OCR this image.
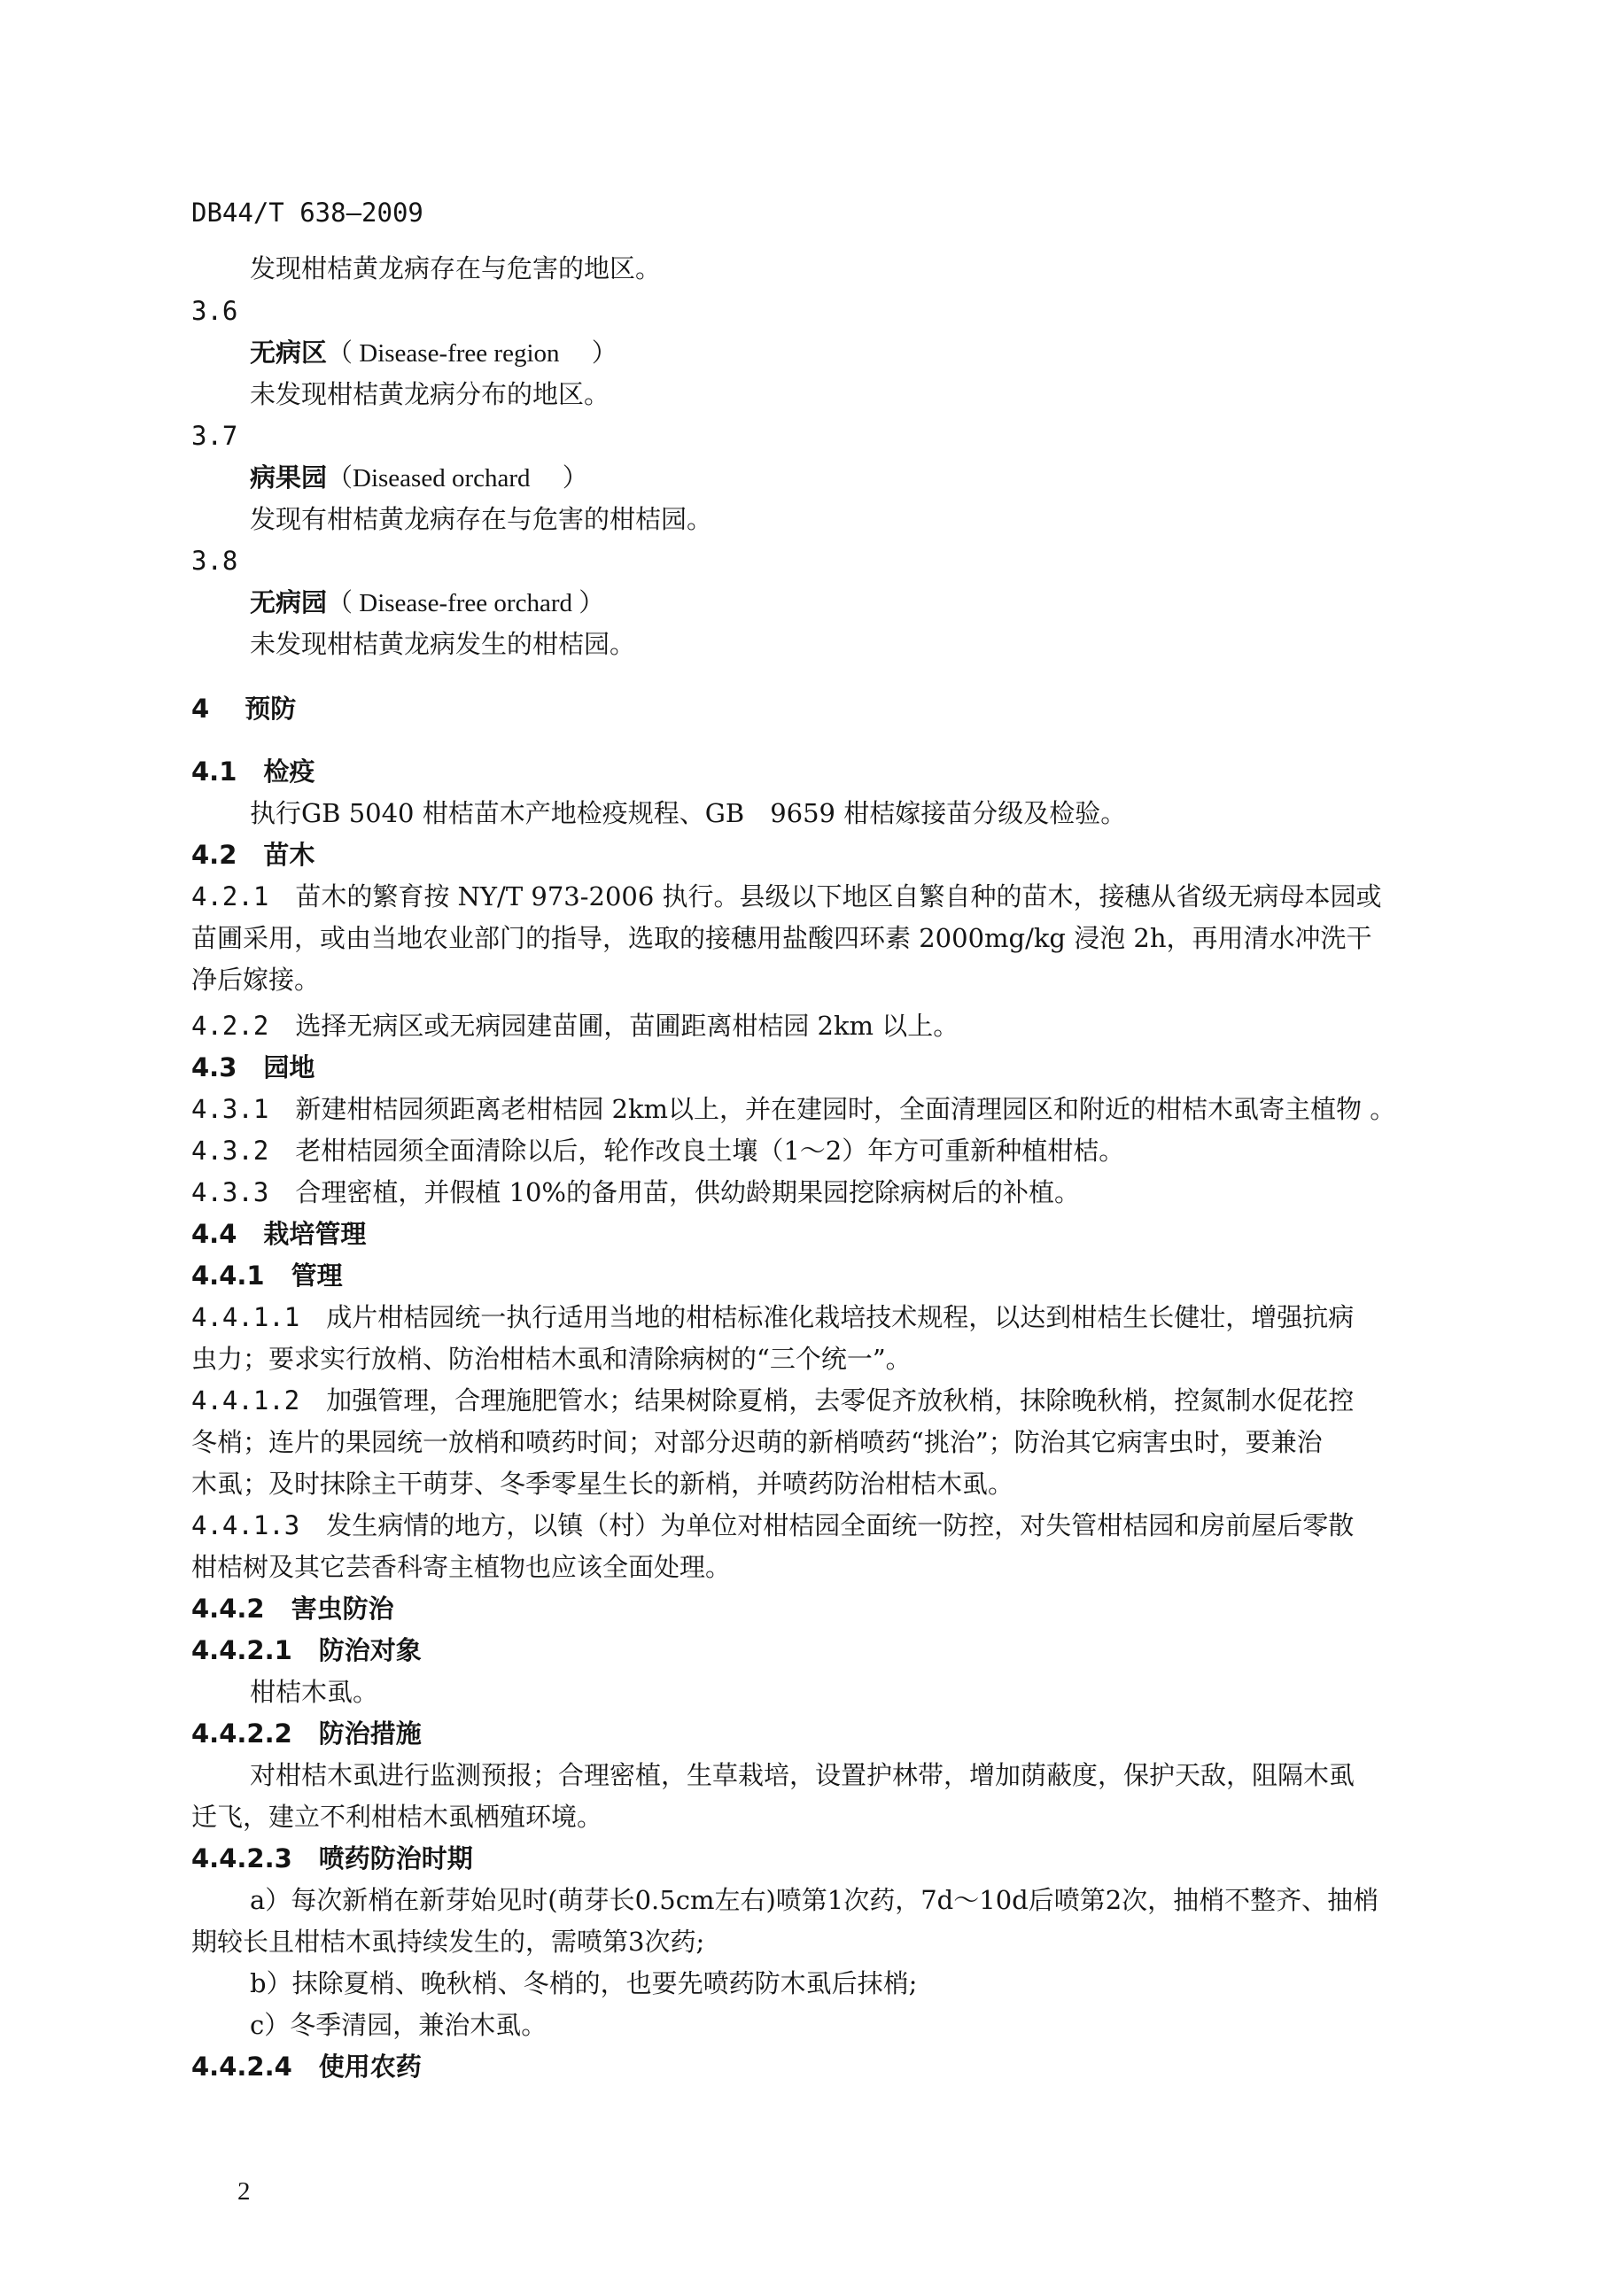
DB44/T 638—2009
发现柑桔黄龙病存在与危害的地区。
3.6
无病区（ Disease-free region　 ）
未发现柑桔黄龙病分布的地区。
3.7
病果园（Diseased orchard　 ）
发现有柑桔黄龙病存在与危害的柑桔园。
3.8
无病园（ Disease-free orchard ）
未发现柑桔黄龙病发生的柑桔园。
4 预防
4.1 检疫
执行GB 5040 柑桔苗木产地检疫规程、GB　9659 柑桔嫁接苗分级及检验。
4.2 苗木
4.2.1 苗木的繁育按 NY/T 973-2006 执行。县级以下地区自繁自种的苗木，接穗从省级无病母本园或
苗圃采用，或由当地农业部门的指导，选取的接穗用盐酸四环素 2000mg/kg 浸泡 2h，再用清水冲洗干
净后嫁接。
4.2.2 选择无病区或无病园建苗圃，苗圃距离柑桔园 2km 以上。
4.3 园地
4.3.1 新建柑桔园须距离老柑桔园 2km以上，并在建园时，全面清理园区和附近的柑桔木虱寄主植物 。
4.3.2 老柑桔园须全面清除以后，轮作改良土壤（1～2）年方可重新种植柑桔。
4.3.3 合理密植，并假植 10%的备用苗，供幼龄期果园挖除病树后的补植。
4.4 栽培管理
4.4.1 管理
4.4.1.1 成片柑桔园统一执行适用当地的柑桔标准化栽培技术规程，以达到柑桔生长健壮，增强抗病
虫力；要求实行放梢、防治柑桔木虱和清除病树的“三个统一”。
4.4.1.2 加强管理，合理施肥管水；结果树除夏梢，去零促齐放秋梢，抹除晚秋梢，控氮制水促花控
冬梢；连片的果园统一放梢和喷药时间；对部分迟萌的新梢喷药“挑治”；防治其它病害虫时，要兼治
木虱；及时抹除主干萌芽、冬季零星生长的新梢，并喷药防治柑桔木虱。
4.4.1.3 发生病情的地方，以镇（村）为单位对柑桔园全面统一防控，对失管柑桔园和房前屋后零散
柑桔树及其它芸香科寄主植物也应该全面处理。
4.4.2 害虫防治
4.4.2.1 防治对象
柑桔木虱。
4.4.2.2 防治措施
对柑桔木虱进行监测预报；合理密植，生草栽培，设置护林带，增加荫蔽度，保护天敌，阻隔木虱
迁飞，建立不利柑桔木虱栖殖环境。
4.4.2.3 喷药防治时期
a）每次新梢在新芽始见时(萌芽长0.5cm左右)喷第1次药，7d～10d后喷第2次，抽梢不整齐、抽梢
期较长且柑桔木虱持续发生的，需喷第3次药;
b）抹除夏梢、晚秋梢、冬梢的，也要先喷药防木虱后抹梢;
c）冬季清园，兼治木虱。
4.4.2.4 使用农药
2
